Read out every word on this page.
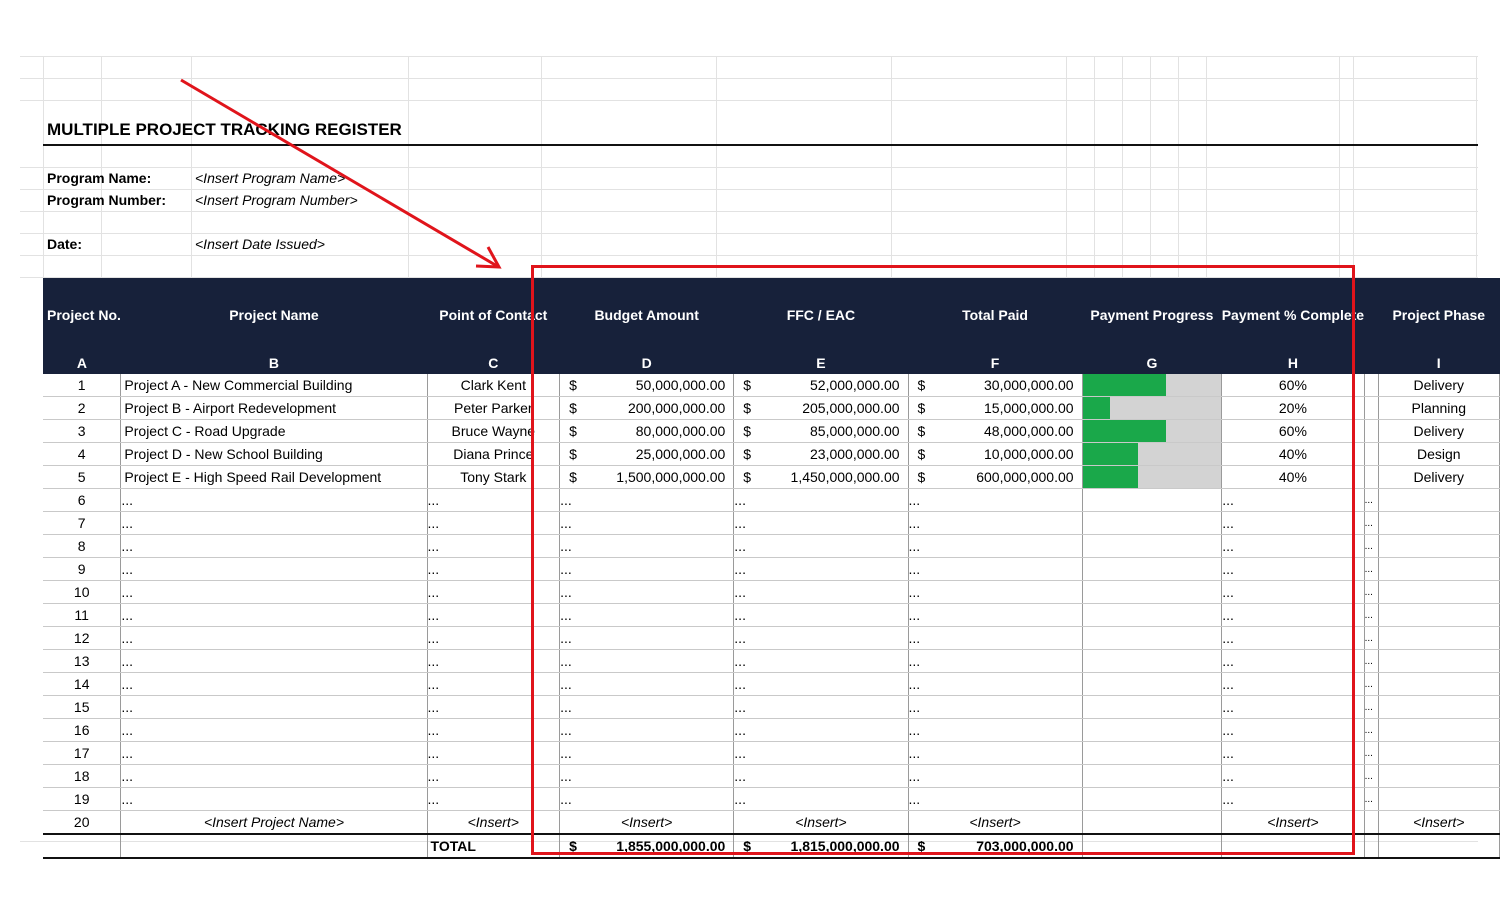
MULTIPLE PROJECT TRACKING REGISTER
Program Name:	<Insert Program Name>
Program Number: <Insert Program Number>
Date:	<Insert Date Issued>
Project No.	Project Name	Point of Contact	Budget Amount	FFC / EAC	Total Paid	Payment Progress	Payment % Complete		Project Phase
A	B	C	D	E	F	G	H		I
1	Project A - New Commercial Building	Clark Kent	$ 50,000,000.00	$ 52,000,000.00	$ 30,000,000.00		60%		Delivery
2	Project B - Airport Redevelopment	Peter Parker	$ 200,000,000.00	$ 205,000,000.00	$ 15,000,000.00		20%		Planning
3	Project C - Road Upgrade	Bruce Wayne	$ 80,000,000.00	$ 85,000,000.00	$ 48,000,000.00		60%		Delivery
4	Project D - New School Building	Diana Prince	$ 25,000,000.00	$ 23,000,000.00	$ 10,000,000.00		40%		Design
5	Project E - High Speed Rail Development	Tony Stark	$ 1,500,000,000.00	$ 1,450,000,000.00	$ 600,000,000.00		40%		Delivery
6	...	...	...	...	...		...	...	
7	...	...	...	...	...		...	...	
8	...	...	...	...	...		...	...	
9	...	...	...	...	...		...	...	
10	...	...	...	...	...		...	...	
11	...	...	...	...	...		...	...	
12	...	...	...	...	...		...	...	
13	...	...	...	...	...		...	...	
14	...	...	...	...	...		...	...	
15	...	...	...	...	...		...	...	
16	...	...	...	...	...		...	...	
17	...	...	...	...	...		...	...	
18	...	...	...	...	...		...	...	
19	...	...	...	...	...		...	...	
20	<Insert Project Name>	<Insert>	<Insert>	<Insert>	<Insert>		<Insert>		<Insert>
		TOTAL	$ 1,855,000,000.00	$ 1,815,000,000.00	$ 703,000,000.00				
